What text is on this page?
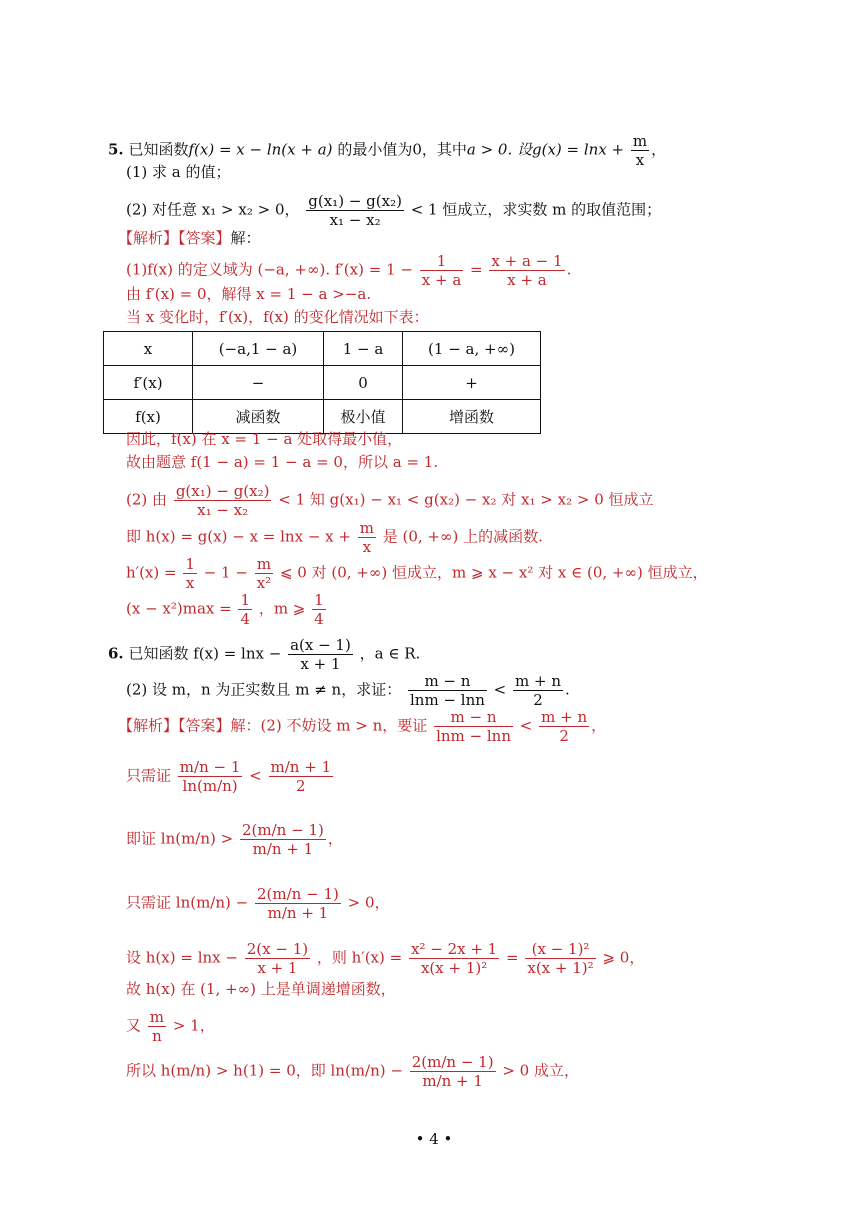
5. 已知函数f(x) = x − ln(x + a) 的最小值为0，其中a > 0. 设$g(x) = \ln x + \frac{m}{x}$ ，
(1) 求 a 的值；
(2) 对任意 x₁ > x₂ > 0， $\frac{\text{g(x₁) − g(x₂)}}{\text{x₁ − x₂}} < 1$ 恒成立，求实数 m 的取值范围；
【解析】【答案】解：
(1)f(x) 的定义域为 (−a, +∞). $f'(x) = 1 - \frac{1}{x + a} = \frac{x + a - 1}{x + a}$ .
由 f′(x) = 0，解得 x = 1 − a >−a.
当 x 变化时，f′(x)，f(x) 的变化情况如下表：
x	(−a,1 − a)	1 − a	(1 − a, +∞)
f′(x)	−	0	+
f(x)	减函数	极小值	增函数
因此，f(x) 在 x = 1 − a 处取得最小值，
故由题意 f(1 − a) = 1 − a = 0，所以 a = 1.
(2) 由 $\frac{\text{g(x₁) − g(x₂)}}{\text{x₁ − x₂}} < 1$ 知 g(x₁) − x₁ < g(x₂) − x₂ 对 x₁ > x₂ > 0 恒成立
即 $h(x) = g(x) - x = \ln x - x + \frac{m}{x}$ 是 (0, +∞) 上的减函数.
$h'(x) = \frac{1}{x} - 1 - \frac{m}{\text{x²}}$ ⩽ 0 对 (0, +∞) 恒成立，m ⩾ x − x² 对 x ∈ (0, +∞) 恒成立，
$(x - x^2)\max = \frac{1}{4}$ ，m ⩾ $\frac{1}{4}$
6. 已知函数 $f(x) = \ln x - \frac{a(x - 1)}{x + 1}$ ，a ∈ R.
(2) 设 m，n 为正实数且 m ≠ n，求证： $\frac{m - n}{\ln m - \ln n} < \frac{m + n}{2}$ .
【解析】【答案】解：(2) 不妨设 m > n，要证 $\frac{m - n}{\ln m - \ln n} < \frac{m + n}{2}$ ，
只需证 $\frac{m/n - 1}{\ln(m/n)} < \frac{m/n + 1}{2}$
即证 $\ln(m/n) > \frac{2(m/n - 1)}{m/n + 1}$ ，
只需证 $\ln(m/n) - \frac{2(m/n - 1)}{m/n + 1} > 0$，
设 $h(x) = \ln x - \frac{2(x - 1)}{x + 1}$ ，则 $h'(x) = \frac{\text{x² − 2x + 1}}{\text{x(x + 1)²}} = \frac{\text{(x − 1)²}}{\text{x(x + 1)²}}$ ⩾ 0，
故 h(x) 在 (1, +∞) 上是单调递增函数，
又 $\frac{m}{n} > 1$，
所以 h(m/n) > h(1) = 0，即 $\ln(m/n) - \frac{2(m/n - 1)}{m/n + 1} > 0$ 成立，
• 4 •
